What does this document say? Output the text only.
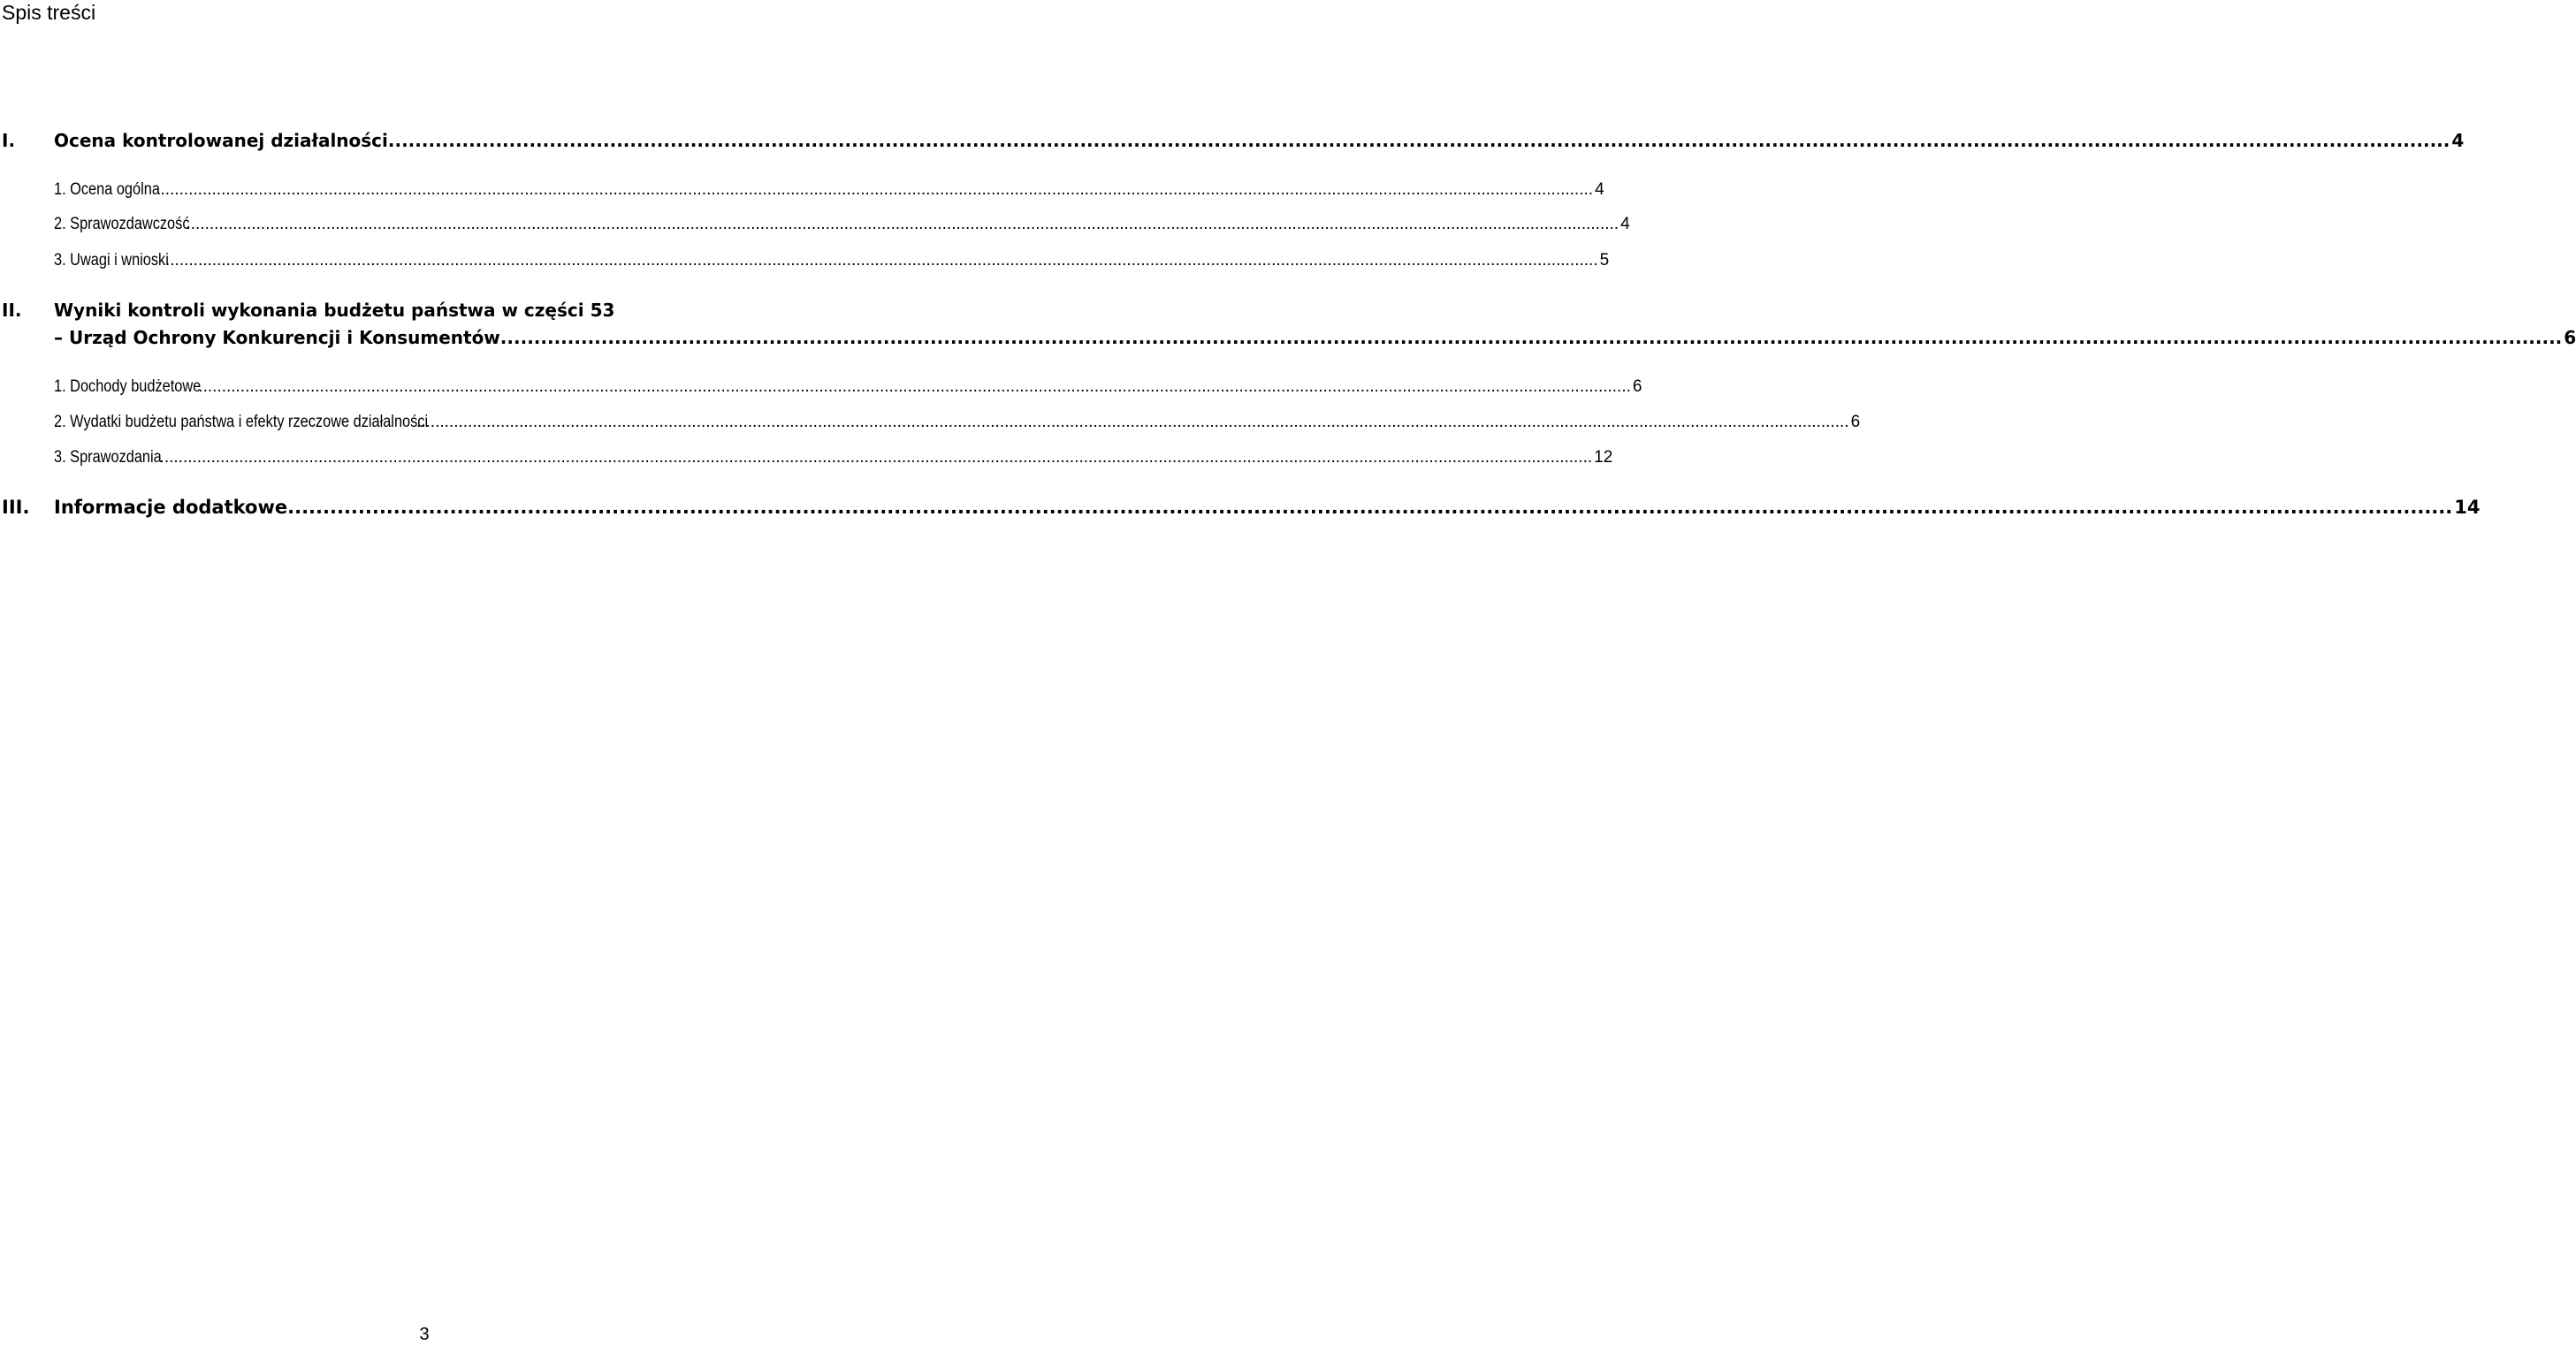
Spis treści
I. Ocena kontrolowanej działalności .....	4
1. Ocena ogólna .....	4
2. Sprawozdawczość .....	4
3. Uwagi i wnioski .....	5
II. Wyniki kontroli wykonania budżetu państwa w części 53
– Urząd Ochrony Konkurencji i Konsumentów .....	6
1. Dochody budżetowe .....	6
2. Wydatki budżetu państwa i efekty rzeczowe działalności .....	6
3. Sprawozdania .....	12
III. Informacje dodatkowe .....	14
3
